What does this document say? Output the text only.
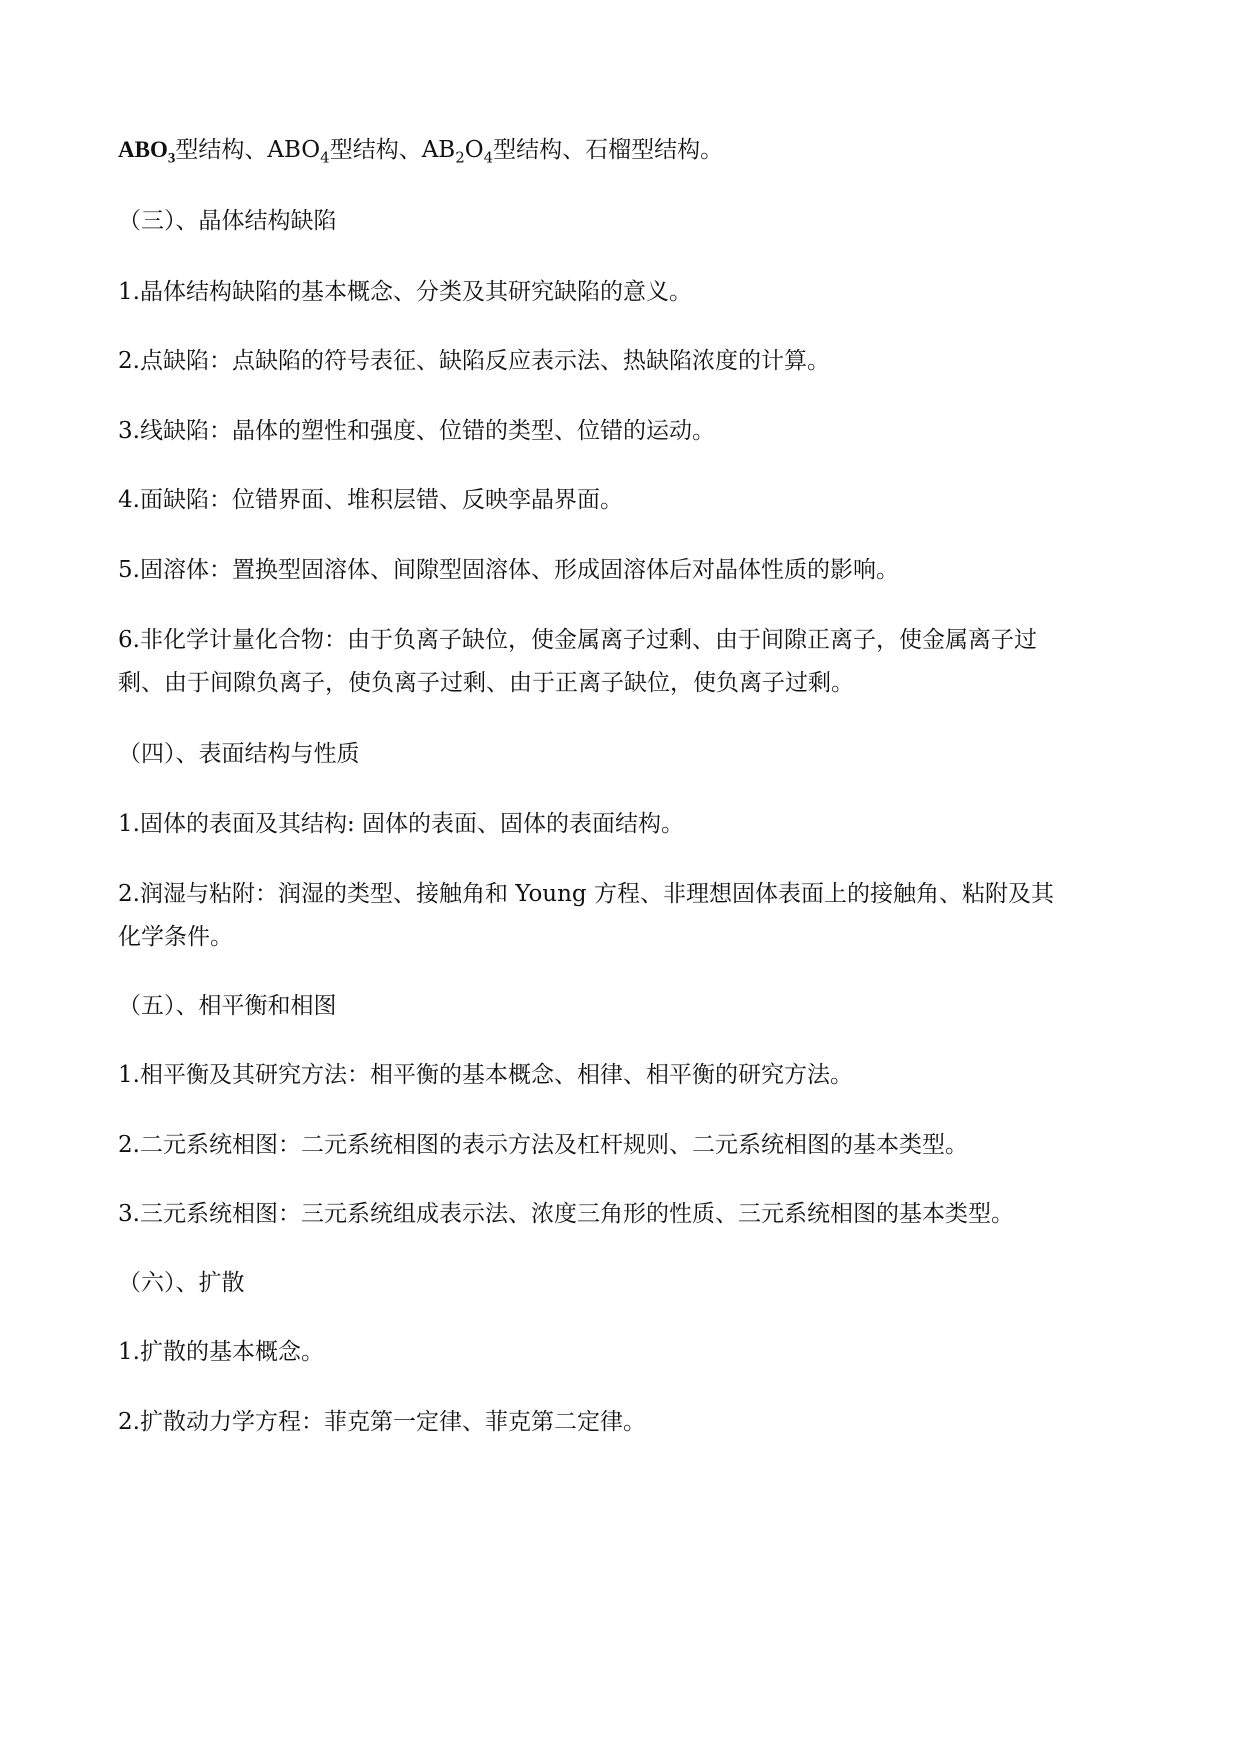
$ABO_3$型结构、$ABO_4$型结构、$AB_2O_4$型结构、石榴型结构。

（三）、晶体结构缺陷

1.晶体结构缺陷的基本概念、分类及其研究缺陷的意义。

2.点缺陷：点缺陷的符号表征、缺陷反应表示法、热缺陷浓度的计算。

3.线缺陷：晶体的塑性和强度、位错的类型、位错的运动。

4.面缺陷：位错界面、堆积层错、反映孪晶界面。

5.固溶体：置换型固溶体、间隙型固溶体、形成固溶体后对晶体性质的影响。

6.非化学计量化合物：由于负离子缺位，使金属离子过剩、由于间隙正离子，使金属离子过

剩、由于间隙负离子，使负离子过剩、由于正离子缺位，使负离子过剩。

（四）、表面结构与性质

1.固体的表面及其结构: 固体的表面、固体的表面结构。

2.润湿与粘附：润湿的类型、接触角和 Young 方程、非理想固体表面上的接触角、粘附及其

化学条件。

（五）、相平衡和相图

1.相平衡及其研究方法：相平衡的基本概念、相律、相平衡的研究方法。

2.二元系统相图：二元系统相图的表示方法及杠杆规则、二元系统相图的基本类型。

3.三元系统相图：三元系统组成表示法、浓度三角形的性质、三元系统相图的基本类型。

（六）、扩散

1.扩散的基本概念。

2.扩散动力学方程：菲克第一定律、菲克第二定律。
